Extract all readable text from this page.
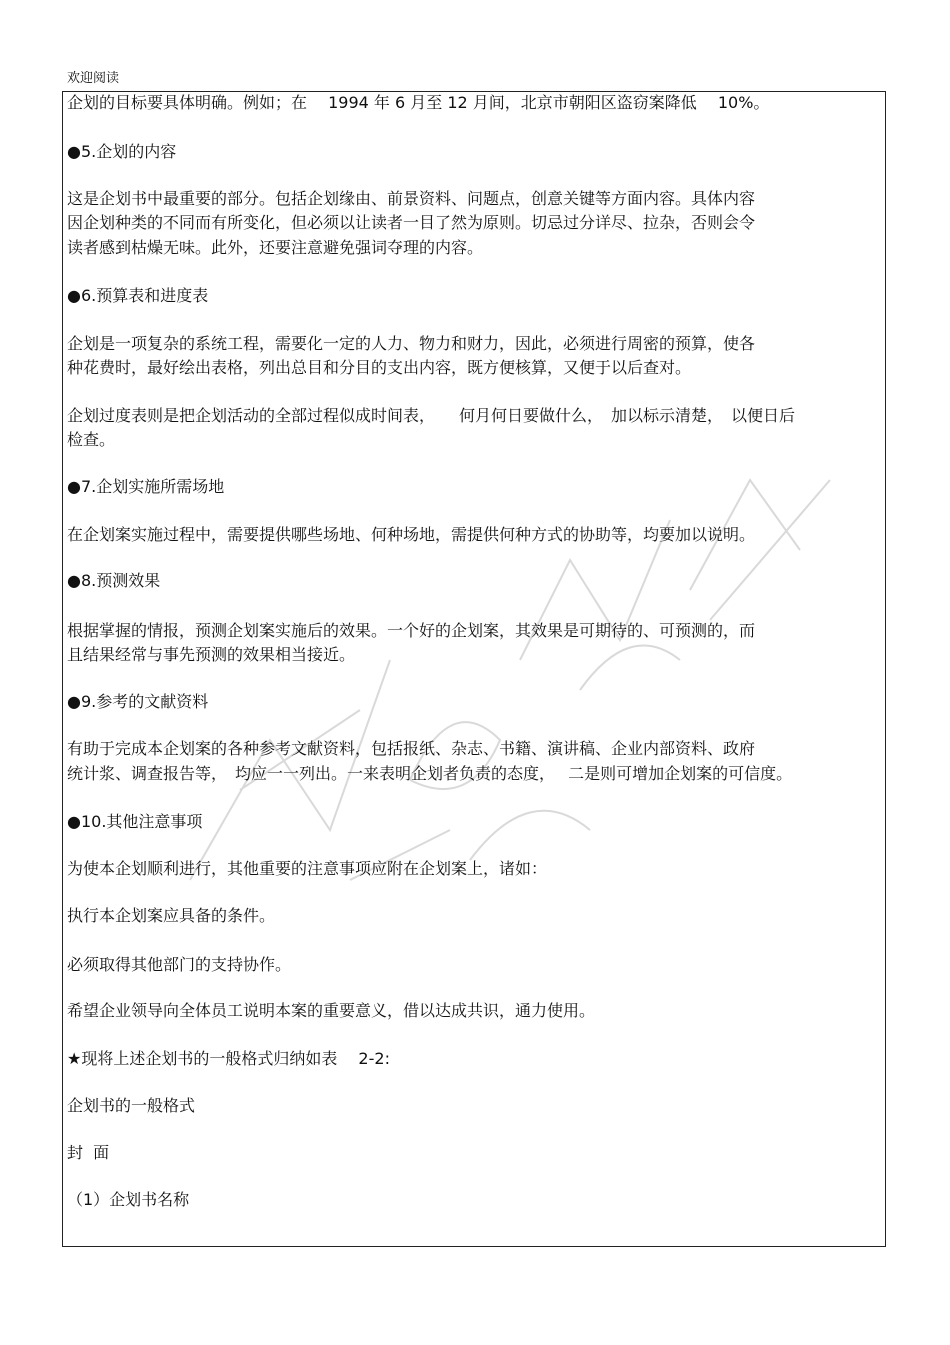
欢迎阅读
企划的目标要具体明确。例如；在　 1994 年 6 月至 12 月间，北京市朝阳区盗窃案降低　 10%。
●5.企划的内容
这是企划书中最重要的部分。包括企划缘由、前景资料、问题点，创意关键等方面内容。具体内容
因企划种类的不同而有所变化，但必须以让读者一目了然为原则。切忌过分详尽、拉杂，否则会令
读者感到枯燥无味。此外，还要注意避免强词夺理的内容。
●6.预算表和进度表
企划是一项复杂的系统工程，需要化一定的人力、物力和财力，因此，必须进行周密的预算，使各
种花费时，最好绘出表格，列出总目和分目的支出内容，既方便核算，又便于以后查对。
企划过度表则是把企划活动的全部过程似成时间表，　　何月何日要做什么，　加以标示清楚，　以便日后
检查。
●7.企划实施所需场地
在企划案实施过程中，需要提供哪些场地、何种场地，需提供何种方式的协助等，均要加以说明。
●8.预测效果
根据掌握的情报，预测企划案实施后的效果。一个好的企划案，其效果是可期待的、可预测的，而
且结果经常与事先预测的效果相当接近。
●9.参考的文献资料
有助于完成本企划案的各种参考文献资料，包括报纸、杂志、书籍、演讲稿、企业内部资料、政府
统计浆、调查报告等，　均应一一列出。一来表明企划者负责的态度，　 二是则可增加企划案的可信度。
●10.其他注意事项
为使本企划顺利进行，其他重要的注意事项应附在企划案上，诸如：
执行本企划案应具备的条件。
必须取得其他部门的支持协作。
希望企业领导向全体员工说明本案的重要意义，借以达成共识，通力使用。
★现将上述企划书的一般格式归纳如表　 2-2:
企划书的一般格式
封  面
（1）企划书名称
